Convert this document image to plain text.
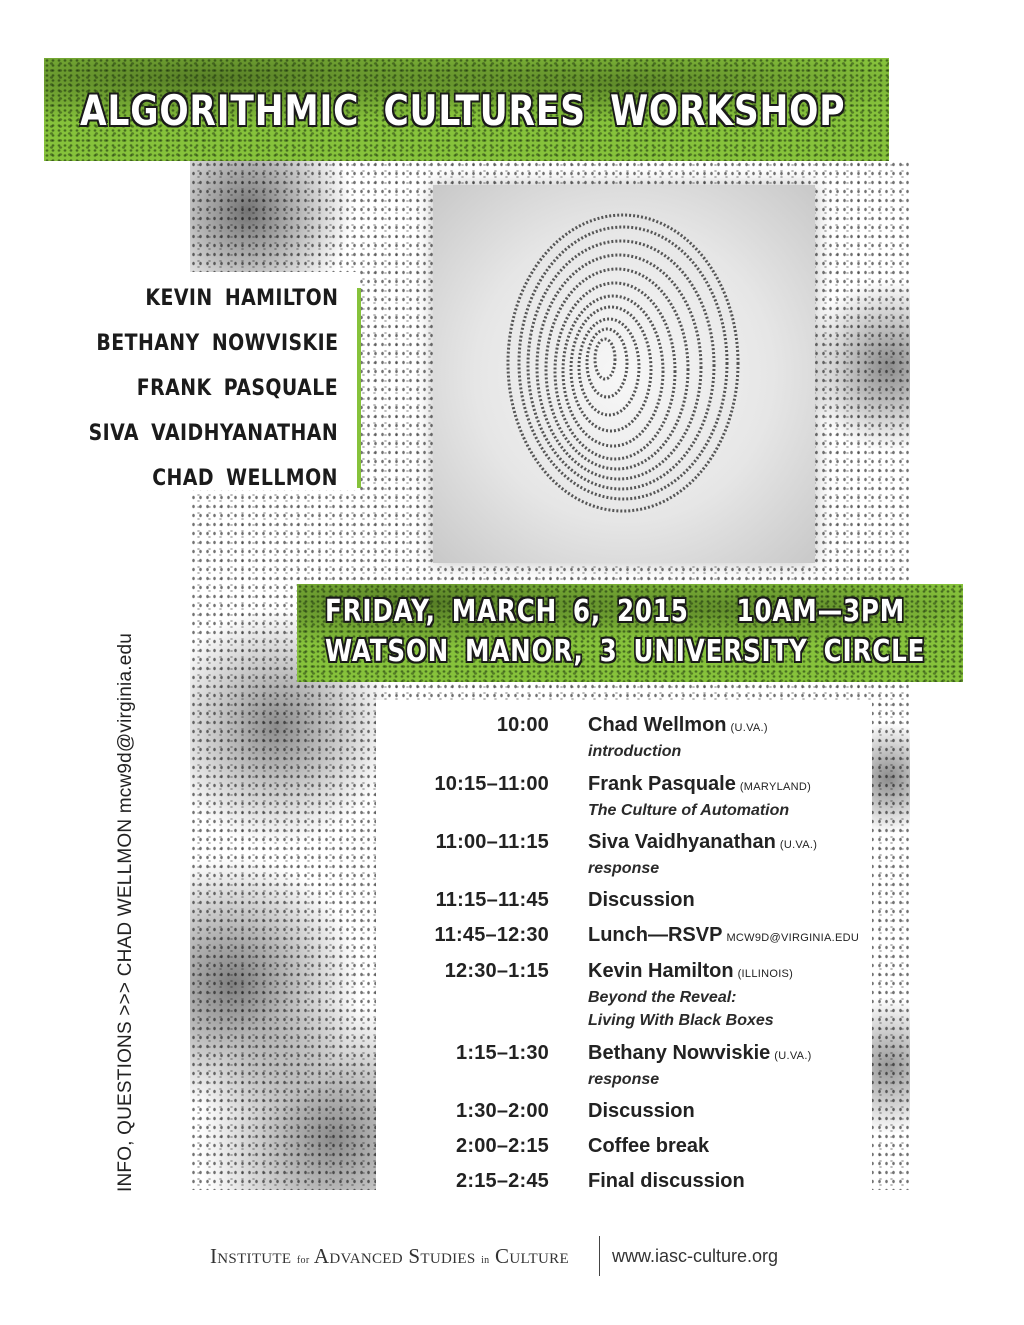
ALGORITHMIC CULTURES WORKSHOP
KEVIN HAMILTON
BETHANY NOWVISKIE
FRANK PASQUALE
SIVA VAIDHYANATHAN
CHAD WELLMON
FRIDAY, MARCH 6, 2015   10AM—3PM
WATSON MANOR, 3 UNIVERSITY CIRCLE
10:00 Chad Wellmon (U.VA.)
introduction
10:15–11:00 Frank Pasquale (MARYLAND)
The Culture of Automation
11:00–11:15 Siva Vaidhyanathan (U.VA.)
response
11:15–11:45 Discussion
11:45–12:30 Lunch—RSVP MCW9D@VIRGINIA.EDU
12:30–1:15 Kevin Hamilton (ILLINOIS)
Beyond the Reveal:
Living With Black Boxes
1:15–1:30 Bethany Nowviskie (U.VA.)
response
1:30–2:00 Discussion
2:00–2:15 Coffee break
2:15–2:45 Final discussion
INFO, QUESTIONS >>> CHAD WELLMON mcw9d@virginia.edu
Institute for Advanced Studies in Culture www.iasc-culture.org
